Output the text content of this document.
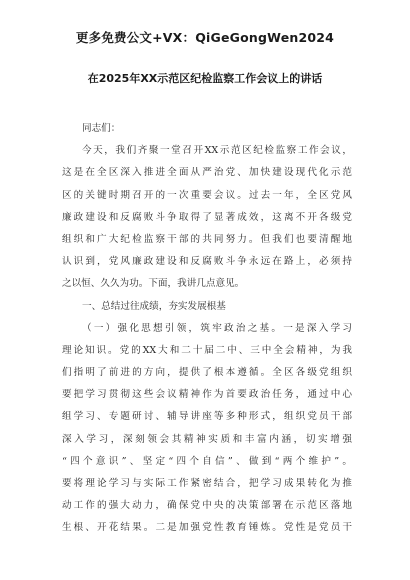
更多免费公文+VX：QiGeGongWen2024
在2025年XX示范区纪检监察工作会议上的讲话
同志们：
今天，我们齐聚一堂召开XX示范区纪检监察工作会议，
这是在全区深入推进全面从严治党、加快建设现代化示范
区的关键时期召开的一次重要会议。过去一年，全区党风
廉政建设和反腐败斗争取得了显著成效，这离不开各级党
组织和广大纪检监察干部的共同努力。但我们也要清醒地
认识到，党风廉政建设和反腐败斗争永远在路上，必须持
之以恒、久久为功。下面，我讲几点意见。
一、总结过往成绩，夯实发展根基
（一）强化思想引领，筑牢政治之基。一是深入学习
理论知识。党的XX大和二十届二中、三中全会精神，为我
们指明了前进的方向，提供了根本遵循。全区各级党组织
要把学习贯彻这些会议精神作为首要政治任务，通过中心
组学习、专题研讨、辅导讲座等多种形式，组织党员干部
深入学习，深刻领会其精神实质和丰富内涵，切实增强
“四个意识”、坚定“四个自信”、做到“两个维护”。
要将理论学习与实际工作紧密结合，把学习成果转化为推
动工作的强大动力，确保党中央的决策部署在示范区落地
生根、开花结果。二是加强党性教育锤炼。党性是党员干
